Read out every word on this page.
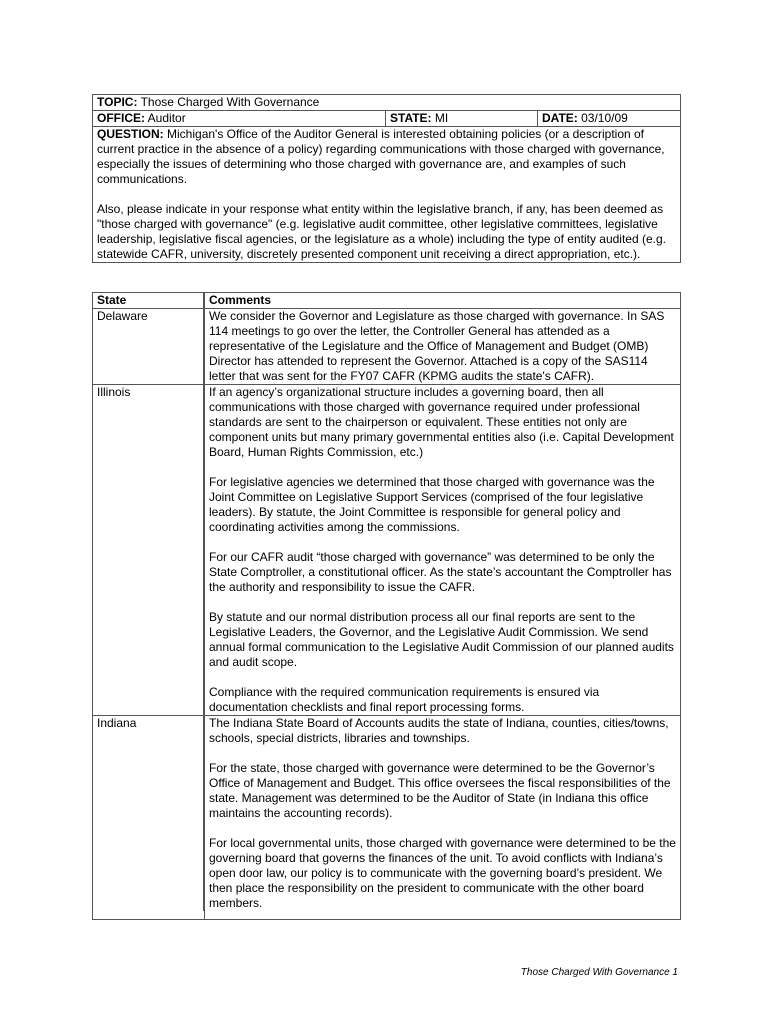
TOPIC: Those Charged With Governance
OFFICE: Auditor	STATE: MI	DATE: 03/10/09

QUESTION: Michigan's Office of the Auditor General is interested obtaining policies (or a description of current practice in the absence of a policy) regarding communications with those charged with governance, especially the issues of determining who those charged with governance are, and examples of such communications.

Also, please indicate in your response what entity within the legislative branch, if any, has been deemed as "those charged with governance" (e.g. legislative audit committee, other legislative committees, legislative leadership, legislative fiscal agencies, or the legislature as a whole) including the type of entity audited (e.g. statewide CAFR, university, discretely presented component unit receiving a direct appropriation, etc.).

State	Comments
Delaware	We consider the Governor and Legislature as those charged with governance. In SAS 114 meetings to go over the letter, the Controller General has attended as a representative of the Legislature and the Office of Management and Budget (OMB) Director has attended to represent the Governor. Attached is a copy of the SAS114 letter that was sent for the FY07 CAFR (KPMG audits the state's CAFR).

Illinois	If an agency’s organizational structure includes a governing board, then all communications with those charged with governance required under professional standards are sent to the chairperson or equivalent. These entities not only are component units but many primary governmental entities also (i.e. Capital Development Board, Human Rights Commission, etc.)

For legislative agencies we determined that those charged with governance was the Joint Committee on Legislative Support Services (comprised of the four legislative leaders). By statute, the Joint Committee is responsible for general policy and coordinating activities among the commissions.

For our CAFR audit “those charged with governance” was determined to be only the State Comptroller, a constitutional officer. As the state’s accountant the Comptroller has the authority and responsibility to issue the CAFR.

By statute and our normal distribution process all our final reports are sent to the Legislative Leaders, the Governor, and the Legislative Audit Commission. We send annual formal communication to the Legislative Audit Commission of our planned audits and audit scope.

Compliance with the required communication requirements is ensured via documentation checklists and final report processing forms.

Indiana	The Indiana State Board of Accounts audits the state of Indiana, counties, cities/towns, schools, special districts, libraries and townships.

For the state, those charged with governance were determined to be the Governor’s Office of Management and Budget. This office oversees the fiscal responsibilities of the state. Management was determined to be the Auditor of State (in Indiana this office maintains the accounting records).

For local governmental units, those charged with governance were determined to be the governing board that governs the finances of the unit. To avoid conflicts with Indiana’s open door law, our policy is to communicate with the governing board’s president. We then place the responsibility on the president to communicate with the other board members.

Those Charged With Governance 1
